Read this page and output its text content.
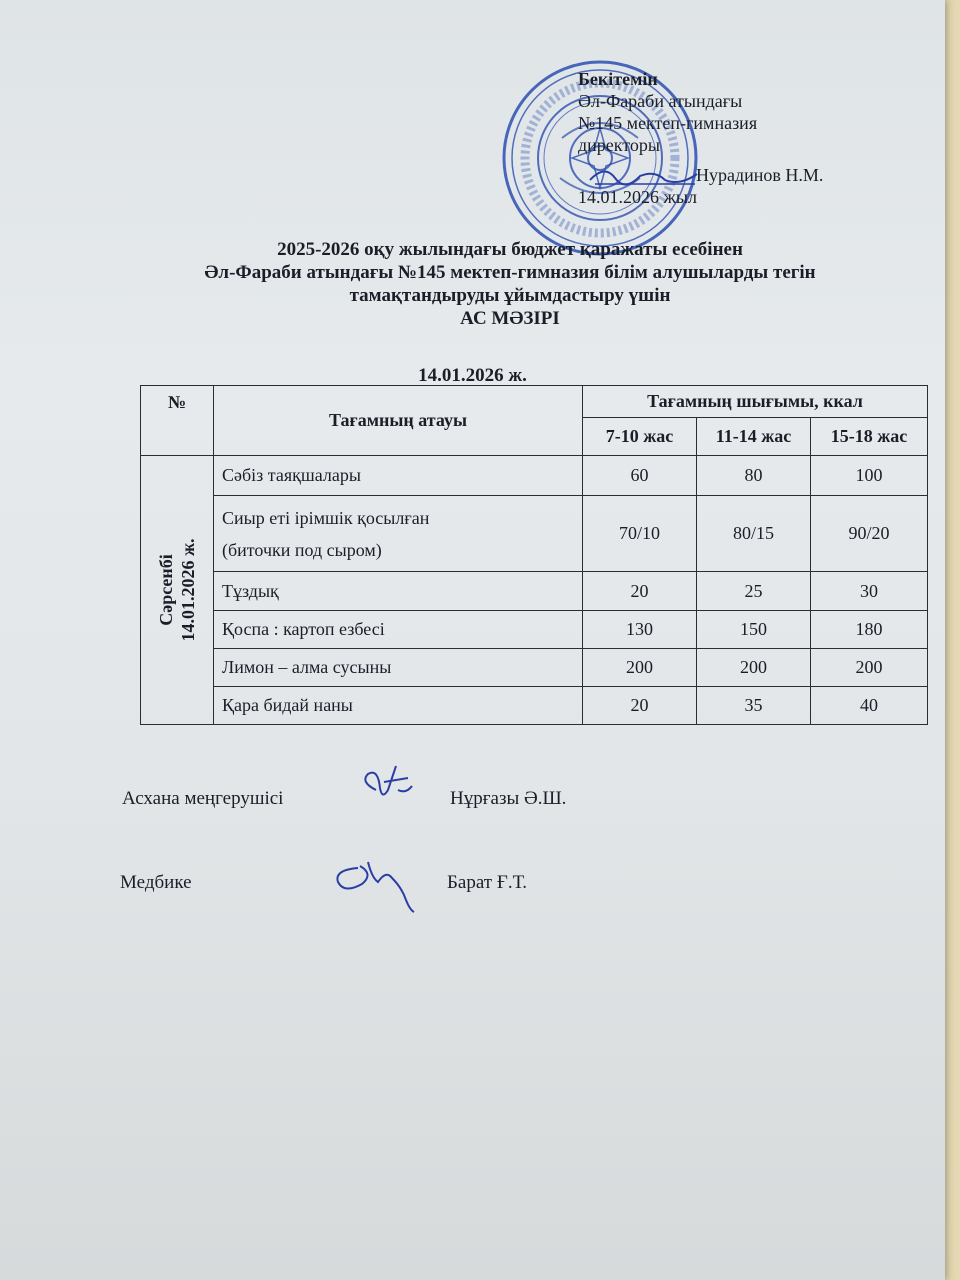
Бекітемін
Әл-Фараби атындағы
№145 мектеп-гимназия
директоры
Нурадинов Н.М.
14.01.2026 жыл
2025-2026 оқу жылындағы бюджет қаражаты есебінен
Әл-Фараби атындағы №145 мектеп-гимназия білім алушыларды тегін
тамақтандыруды ұйымдастыру үшін
АС МӘЗІРІ
14.01.2026 ж.
№	Тағамның атауы	Тағамның шығымы, ккал		
		7-10 жас	11-14 жас	15-18 жас

Сәрсенбі 14.01.2026 ж.	Сәбіз таяқшалары	60	80	100

	Сиыр еті ірімшік қосылған
(биточки под сыром)	70/10	80/15	90/20
	Тұздық	20	25	30
	Қоспа : картоп езбесі	130	150	180
	Лимон – алма сусыны	200	200	200
	Қара бидай наны	20	35	40
Асхана меңгерушісі	Нұрғазы Ә.Ш.
Медбике	Барат Ғ.Т.
